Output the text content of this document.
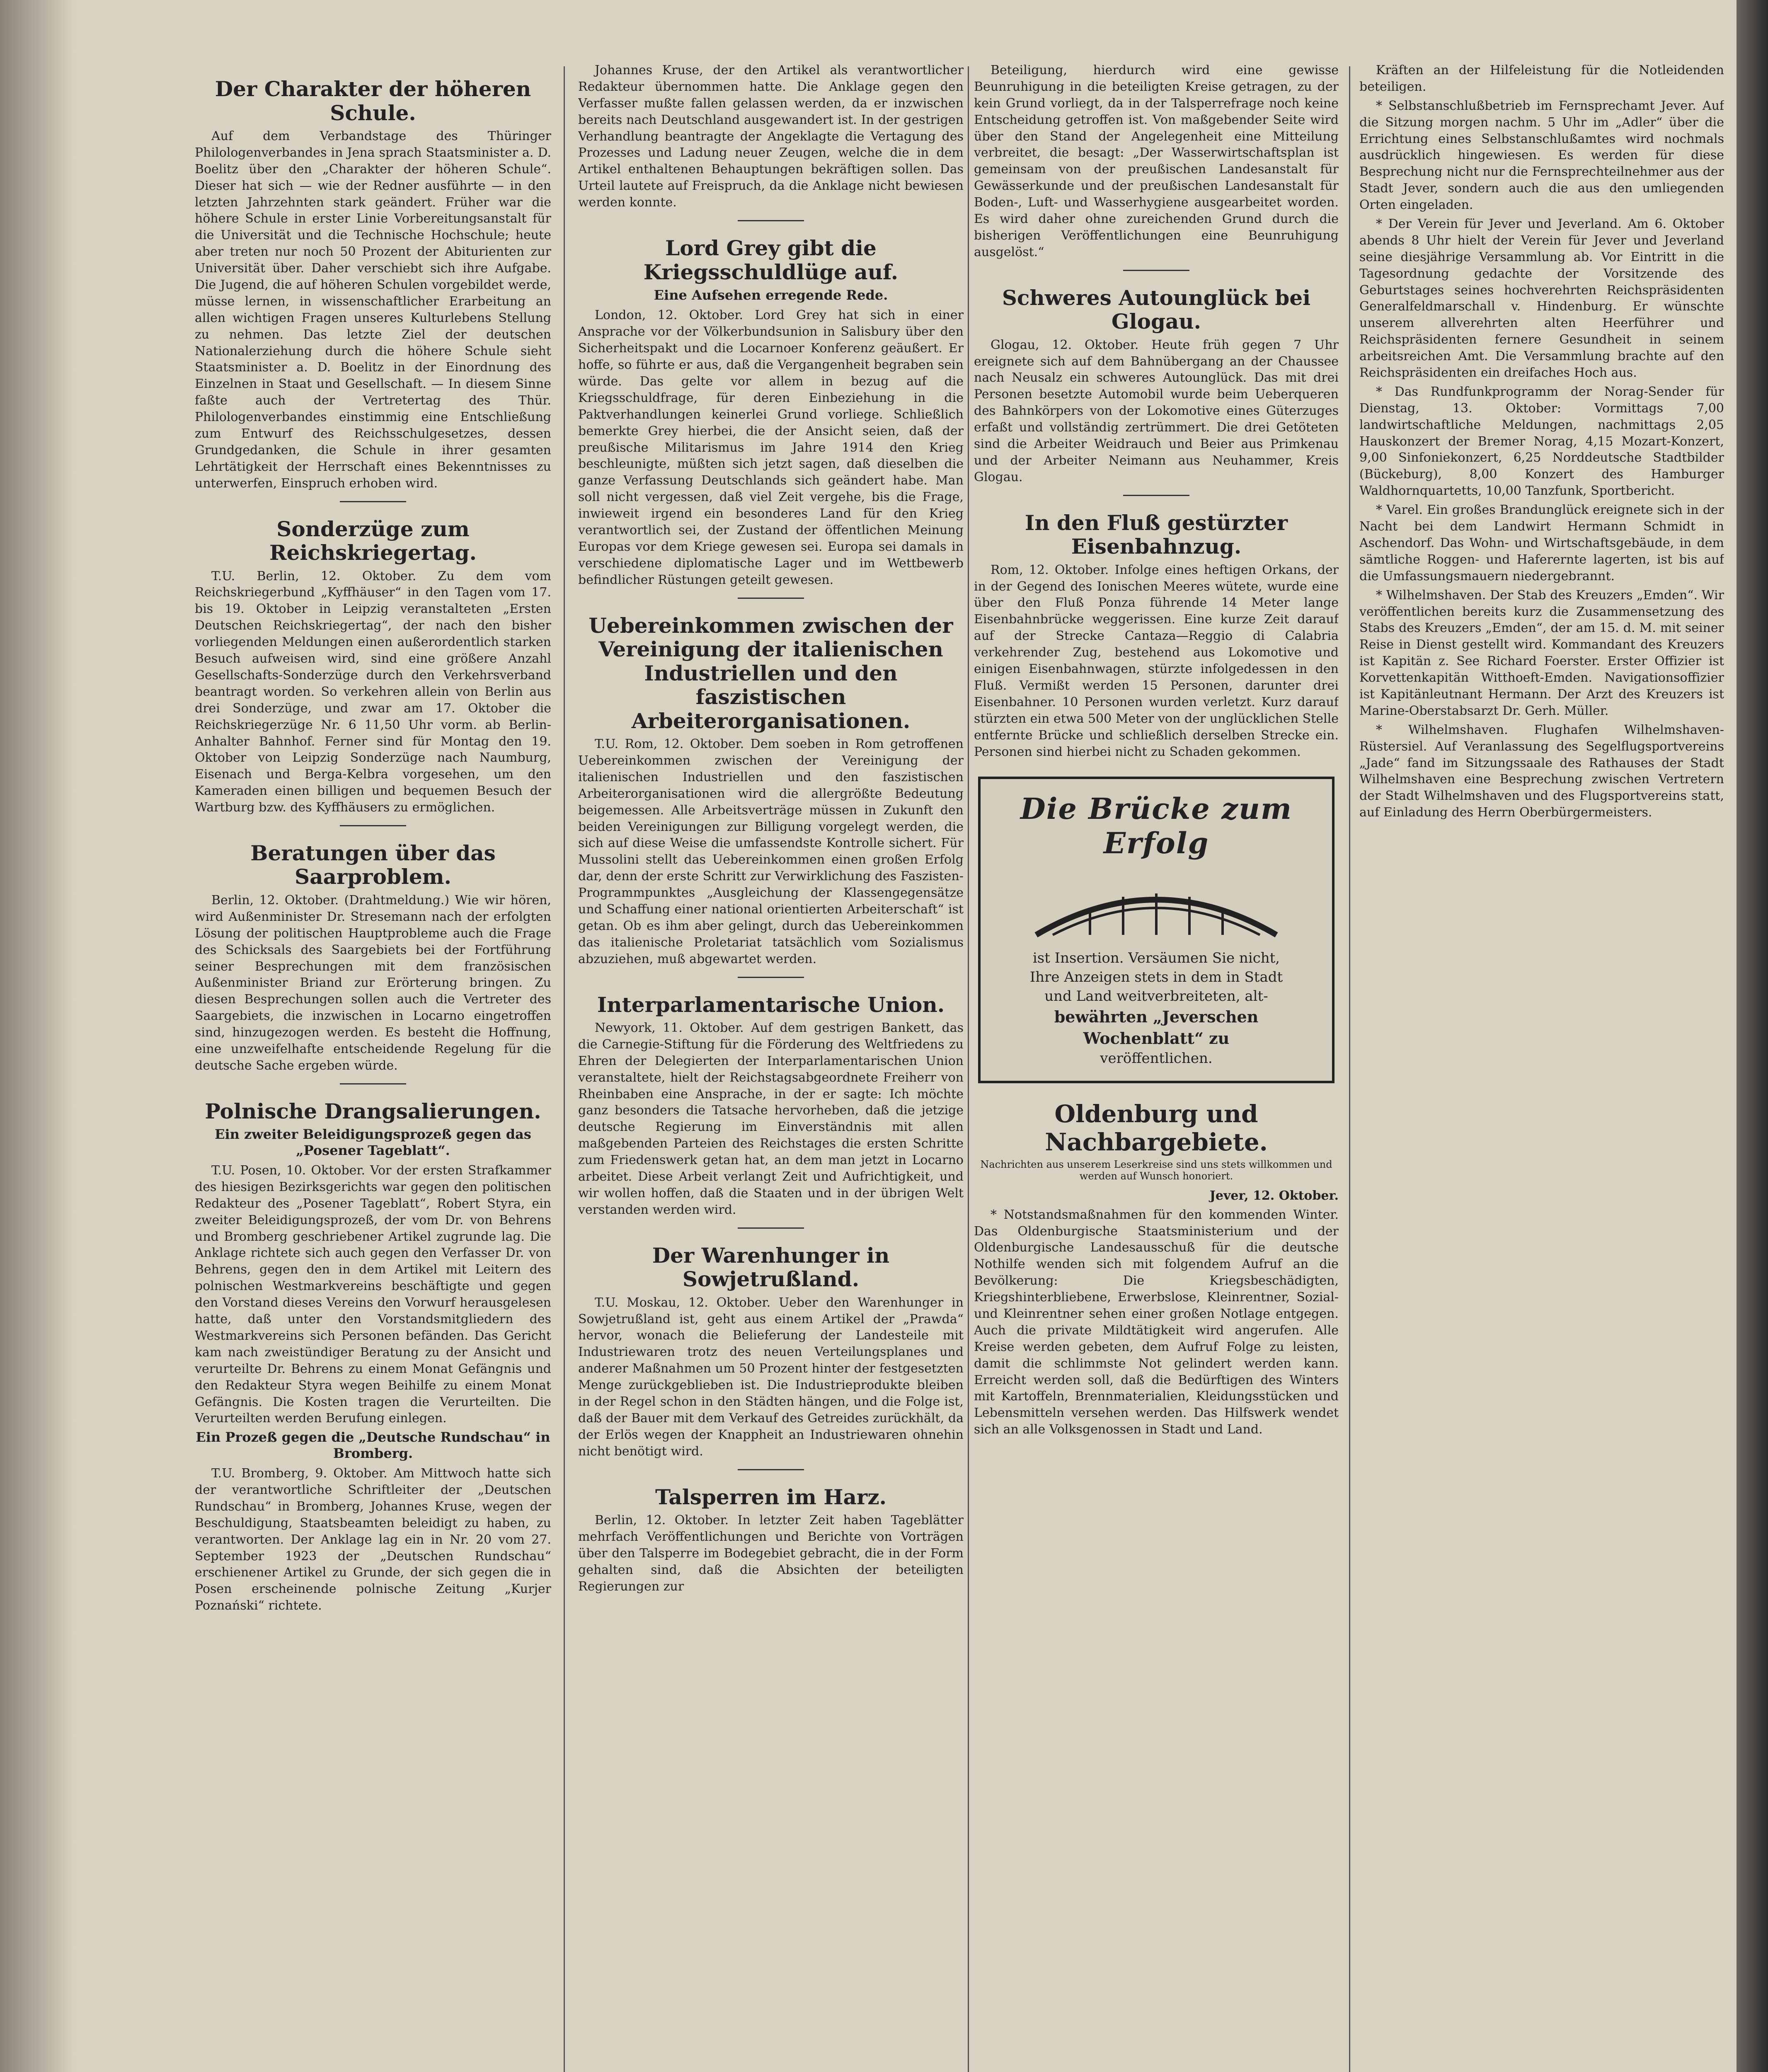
Der Charakter der höheren Schule.

Auf dem Verbandstage des Thüringer Philologenverbandes in Jena sprach Staatsminister a. D. Boelitz über den „Charakter der höheren Schule“. Dieser hat sich — wie der Redner ausführte — in den letzten Jahrzehnten stark geändert. Früher war die höhere Schule in erster Linie Vorbereitungsanstalt für die Universität und die Technische Hochschule; heute aber treten nur noch 50 Prozent der Abiturienten zur Universität über. Daher verschiebt sich ihre Aufgabe. Die Jugend, die auf höheren Schulen vorgebildet werde, müsse lernen, in wissenschaftlicher Erarbeitung an allen wichtigen Fragen unseres Kulturlebens Stellung zu nehmen. Das letzte Ziel der deutschen Nationalerziehung durch die höhere Schule sieht Staatsminister a. D. Boelitz in der Einordnung des Einzelnen in Staat und Gesellschaft. — In diesem Sinne faßte auch der Vertretertag des Thür. Philologenverbandes einstimmig eine Entschließung zum Entwurf des Reichsschulgesetzes, dessen Grundgedanken, die Schule in ihrer gesamten Lehrtätigkeit der Herrschaft eines Bekenntnisses zu unterwerfen, Einspruch erhoben wird.

Sonderzüge zum Reichskriegertag.

T.U. Berlin, 12. Oktober. Zu dem vom Reichskriegerbund „Kyffhäuser“ in den Tagen vom 17. bis 19. Oktober in Leipzig veranstalteten „Ersten Deutschen Reichskriegertag“, der nach den bisher vorliegenden Meldungen einen außerordentlich starken Besuch aufweisen wird, sind eine größere Anzahl Gesellschafts-Sonderzüge durch den Verkehrsverband beantragt worden. So verkehren allein von Berlin aus drei Sonderzüge, und zwar am 17. Oktober die Reichskriegerzüge Nr. 6 11,50 Uhr vorm. ab Berlin-Anhalter Bahnhof. Ferner sind für Montag den 19. Oktober von Leipzig Sonderzüge nach Naumburg, Eisenach und Berga-Kelbra vorgesehen, um den Kameraden einen billigen und bequemen Besuch der Wartburg bzw. des Kyffhäusers zu ermöglichen.

Beratungen über das Saarproblem.

Berlin, 12. Oktober. (Drahtmeldung.) Wie wir hören, wird Außenminister Dr. Stresemann nach der erfolgten Lösung der politischen Hauptprobleme auch die Frage des Schicksals des Saargebiets bei der Fortführung seiner Besprechungen mit dem französischen Außenminister Briand zur Erörterung bringen. Zu diesen Besprechungen sollen auch die Vertreter des Saargebiets, die inzwischen in Locarno eingetroffen sind, hinzugezogen werden. Es besteht die Hoffnung, eine unzweifelhafte entscheidende Regelung für die deutsche Sache ergeben würde.

Polnische Drangsalierungen.
Ein zweiter Beleidigungsprozeß gegen das „Posener Tageblatt“.

T.U. Posen, 10. Oktober. Vor der ersten Strafkammer des hiesigen Bezirksgerichts war gegen den politischen Redakteur des „Posener Tageblatt“, Robert Styra, ein zweiter Beleidigungsprozeß, der vom Dr. von Behrens und Bromberg geschriebener Artikel zugrunde lag. Die Anklage richtete sich auch gegen den Verfasser Dr. von Behrens, gegen den in dem Artikel mit Leitern des polnischen Westmarkvereins beschäftigte und gegen den Vorstand dieses Vereins den Vorwurf herausgelesen hatte, daß unter den Vorstandsmitgliedern des Westmarkvereins sich Personen befänden. Das Gericht kam nach zweistündiger Beratung zu der Ansicht und verurteilte Dr. Behrens zu einem Monat Gefängnis und den Redakteur Styra wegen Beihilfe zu einem Monat Gefängnis. Die Kosten tragen die Verurteilten. Die Verurteilten werden Berufung einlegen.

Ein Prozeß gegen die „Deutsche Rundschau“ in Bromberg.

T.U. Bromberg, 9. Oktober. Am Mittwoch hatte sich der verantwortliche Schriftleiter der „Deutschen Rundschau“ in Bromberg, Johannes Kruse, wegen der Beschuldigung, Staatsbeamten beleidigt zu haben, zu verantworten. Der Anklage lag ein in Nr. 20 vom 27. September 1923 der „Deutschen Rundschau“ erschienener Artikel zu Grunde, der sich gegen die in Posen erscheinende polnische Zeitung „Kurjer Poznański“ richtete.

Johannes Kruse, der den Artikel als verantwortlicher Redakteur übernommen hatte. Die Anklage gegen den Verfasser mußte fallen gelassen werden, da er inzwischen bereits nach Deutschland ausgewandert ist. In der gestrigen Verhandlung beantragte der Angeklagte die Vertagung des Prozesses und Ladung neuer Zeugen, welche die in dem Artikel enthaltenen Behauptungen bekräftigen sollen. Das Urteil lautete auf Freispruch, da die Anklage nicht bewiesen werden konnte.

Lord Grey gibt die Kriegsschuldlüge auf.
Eine Aufsehen erregende Rede.

London, 12. Oktober. Lord Grey hat sich in einer Ansprache vor der Völkerbundsunion in Salisbury über den Sicherheitspakt und die Locarnoer Konferenz geäußert. Er hoffe, so führte er aus, daß die Vergangenheit begraben sein würde. Das gelte vor allem in bezug auf die Kriegsschuldfrage, für deren Einbeziehung in die Paktverhandlungen keinerlei Grund vorliege. Schließlich bemerkte Grey hierbei, die der Ansicht seien, daß der preußische Militarismus im Jahre 1914 den Krieg beschleunigte, müßten sich jetzt sagen, daß dieselben die ganze Verfassung Deutschlands sich geändert habe. Man soll nicht vergessen, daß viel Zeit vergehe, bis die Frage, inwieweit irgend ein besonderes Land für den Krieg verantwortlich sei, der Zustand der öffentlichen Meinung Europas vor dem Kriege gewesen sei. Europa sei damals in verschiedene diplomatische Lager und im Wettbewerb befindlicher Rüstungen geteilt gewesen.

Uebereinkommen zwischen der Vereinigung der italienischen Industriellen und den faszistischen Arbeiterorganisationen.

T.U. Rom, 12. Oktober. Dem soeben in Rom getroffenen Uebereinkommen zwischen der Vereinigung der italienischen Industriellen und den faszistischen Arbeiterorganisationen wird die allergrößte Bedeutung beigemessen. Alle Arbeitsverträge müssen in Zukunft den beiden Vereinigungen zur Billigung vorgelegt werden, die sich auf diese Weise die umfassendste Kontrolle sichert. Für Mussolini stellt das Uebereinkommen einen großen Erfolg dar, denn der erste Schritt zur Verwirklichung des Faszisten-Programmpunktes „Ausgleichung der Klassengegensätze und Schaffung einer national orientierten Arbeiterschaft“ ist getan. Ob es ihm aber gelingt, durch das Uebereinkommen das italienische Proletariat tatsächlich vom Sozialismus abzuziehen, muß abgewartet werden.

Interparlamentarische Union.

Newyork, 11. Oktober. Auf dem gestrigen Bankett, das die Carnegie-Stiftung für die Förderung des Weltfriedens zu Ehren der Delegierten der Interparlamentarischen Union veranstaltete, hielt der Reichstagsabgeordnete Freiherr von Rheinbaben eine Ansprache, in der er sagte: Ich möchte ganz besonders die Tatsache hervorheben, daß die jetzige deutsche Regierung im Einverständnis mit allen maßgebenden Parteien des Reichstages die ersten Schritte zum Friedenswerk getan hat, an dem man jetzt in Locarno arbeitet. Diese Arbeit verlangt Zeit und Aufrichtigkeit, und wir wollen hoffen, daß die Staaten und in der übrigen Welt verstanden werden wird.

Der Warenhunger in Sowjetrußland.

T.U. Moskau, 12. Oktober. Ueber den Warenhunger in Sowjetrußland ist, geht aus einem Artikel der „Prawda“ hervor, wonach die Belieferung der Landesteile mit Industriewaren trotz des neuen Verteilungsplanes und anderer Maßnahmen um 50 Prozent hinter der festgesetzten Menge zurückgeblieben ist. Die Industrieprodukte bleiben in der Regel schon in den Städten hängen, und die Folge ist, daß der Bauer mit dem Verkauf des Getreides zurückhält, da der Erlös wegen der Knappheit an Industriewaren ohnehin nicht benötigt wird.

Talsperren im Harz.

Berlin, 12. Oktober. In letzter Zeit haben Tageblätter mehrfach Veröffentlichungen und Berichte von Vorträgen über den Talsperre im Bodegebiet gebracht, die in der Form gehalten sind, daß die Absichten der beteiligten Regierungen zur

Beteiligung, hierdurch wird eine gewisse Beunruhigung in die beteiligten Kreise getragen, zu der kein Grund vorliegt, da in der Talsperrefrage noch keine Entscheidung getroffen ist. Von maßgebender Seite wird über den Stand der Angelegenheit eine Mitteilung verbreitet, die besagt: „Der Wasserwirtschaftsplan ist gemeinsam von der preußischen Landesanstalt für Gewässerkunde und der preußischen Landesanstalt für Boden-, Luft- und Wasserhygiene ausgearbeitet worden. Es wird daher ohne zureichenden Grund durch die bisherigen Veröffentlichungen eine Beunruhigung ausgelöst.“

Schweres Autounglück bei Glogau.

Glogau, 12. Oktober. Heute früh gegen 7 Uhr ereignete sich auf dem Bahnübergang an der Chaussee nach Neusalz ein schweres Autounglück. Das mit drei Personen besetzte Automobil wurde beim Ueberqueren des Bahnkörpers von der Lokomotive eines Güterzuges erfaßt und vollständig zertrümmert. Die drei Getöteten sind die Arbeiter Weidrauch und Beier aus Primkenau und der Arbeiter Neimann aus Neuhammer, Kreis Glogau.

In den Fluß gestürzter Eisenbahnzug.

Rom, 12. Oktober. Infolge eines heftigen Orkans, der in der Gegend des Ionischen Meeres wütete, wurde eine über den Fluß Ponza führende 14 Meter lange Eisenbahnbrücke weggerissen. Eine kurze Zeit darauf auf der Strecke Cantaza—Reggio di Calabria verkehrender Zug, bestehend aus Lokomotive und einigen Eisenbahnwagen, stürzte infolgedessen in den Fluß. Vermißt werden 15 Personen, darunter drei Eisenbahner. 10 Personen wurden verletzt. Kurz darauf stürzten ein etwa 500 Meter von der unglücklichen Stelle entfernte Brücke und schließlich derselben Strecke ein. Personen sind hierbei nicht zu Schaden gekommen.

Die Brücke zum Erfolg
ist Insertion. Versäumen Sie nicht,
Ihre Anzeigen stets in dem in Stadt
und Land weitverbreiteten, alt-
bewährten „Jeverschen
Wochenblatt“ zu
veröffentlichen.
Oldenburg und Nachbargebiete.
Nachrichten aus unserem Leserkreise sind uns stets willkommen und werden auf Wunsch honoriert.

Jever, 12. Oktober.

* Notstandsmaßnahmen für den kommenden Winter. Das Oldenburgische Staatsministerium und der Oldenburgische Landesausschuß für die deutsche Nothilfe wenden sich mit folgendem Aufruf an die Bevölkerung: Die Kriegsbeschädigten, Kriegshinterbliebene, Erwerbslose, Kleinrentner, Sozial- und Kleinrentner sehen einer großen Notlage entgegen. Auch die private Mildtätigkeit wird angerufen. Alle Kreise werden gebeten, dem Aufruf Folge zu leisten, damit die schlimmste Not gelindert werden kann. Erreicht werden soll, daß die Bedürftigen des Winters mit Kartoffeln, Brennmaterialien, Kleidungsstücken und Lebensmitteln versehen werden. Das Hilfswerk wendet sich an alle Volksgenossen in Stadt und Land.

Kräften an der Hilfeleistung für die Notleidenden beteiligen.

* Selbstanschlußbetrieb im Fernsprechamt Jever. Auf die Sitzung morgen nachm. 5 Uhr im „Adler“ über die Errichtung eines Selbstanschlußamtes wird nochmals ausdrücklich hingewiesen. Es werden für diese Besprechung nicht nur die Fernsprechteilnehmer aus der Stadt Jever, sondern auch die aus den umliegenden Orten eingeladen.

* Der Verein für Jever und Jeverland. Am 6. Oktober abends 8 Uhr hielt der Verein für Jever und Jeverland seine diesjährige Versammlung ab. Vor Eintritt in die Tagesordnung gedachte der Vorsitzende des Geburtstages seines hochverehrten Reichspräsidenten Generalfeldmarschall v. Hindenburg. Er wünschte unserem allverehrten alten Heerführer und Reichspräsidenten fernere Gesundheit in seinem arbeitsreichen Amt. Die Versammlung brachte auf den Reichspräsidenten ein dreifaches Hoch aus.

* Das Rundfunkprogramm der Norag-Sender für Dienstag, 13. Oktober: Vormittags 7,00 landwirtschaftliche Meldungen, nachmittags 2,05 Hauskonzert der Bremer Norag, 4,15 Mozart-Konzert, 9,00 Sinfoniekonzert, 6,25 Norddeutsche Stadtbilder (Bückeburg), 8,00 Konzert des Hamburger Waldhornquartetts, 10,00 Tanzfunk, Sportbericht.

* Varel. Ein großes Brandunglück ereignete sich in der Nacht bei dem Landwirt Hermann Schmidt in Aschendorf. Das Wohn- und Wirtschaftsgebäude, in dem sämtliche Roggen- und Haferernte lagerten, ist bis auf die Umfassungsmauern niedergebrannt.

* Wilhelmshaven. Der Stab des Kreuzers „Emden“. Wir veröffentlichen bereits kurz die Zusammensetzung des Stabs des Kreuzers „Emden“, der am 15. d. M. mit seiner Reise in Dienst gestellt wird. Kommandant des Kreuzers ist Kapitän z. See Richard Foerster. Erster Offizier ist Korvettenkapitän Witthoeft-Emden. Navigationsoffizier ist Kapitänleutnant Hermann. Der Arzt des Kreuzers ist Marine-Oberstabsarzt Dr. Gerh. Müller.

* Wilhelmshaven. Flughafen Wilhelmshaven-Rüstersiel. Auf Veranlassung des Segelflugsportvereins „Jade“ fand im Sitzungssaale des Rathauses der Stadt Wilhelmshaven eine Besprechung zwischen Vertretern der Stadt Wilhelmshaven und des Flugsportvereins statt, auf Einladung des Herrn Oberbürgermeisters.
